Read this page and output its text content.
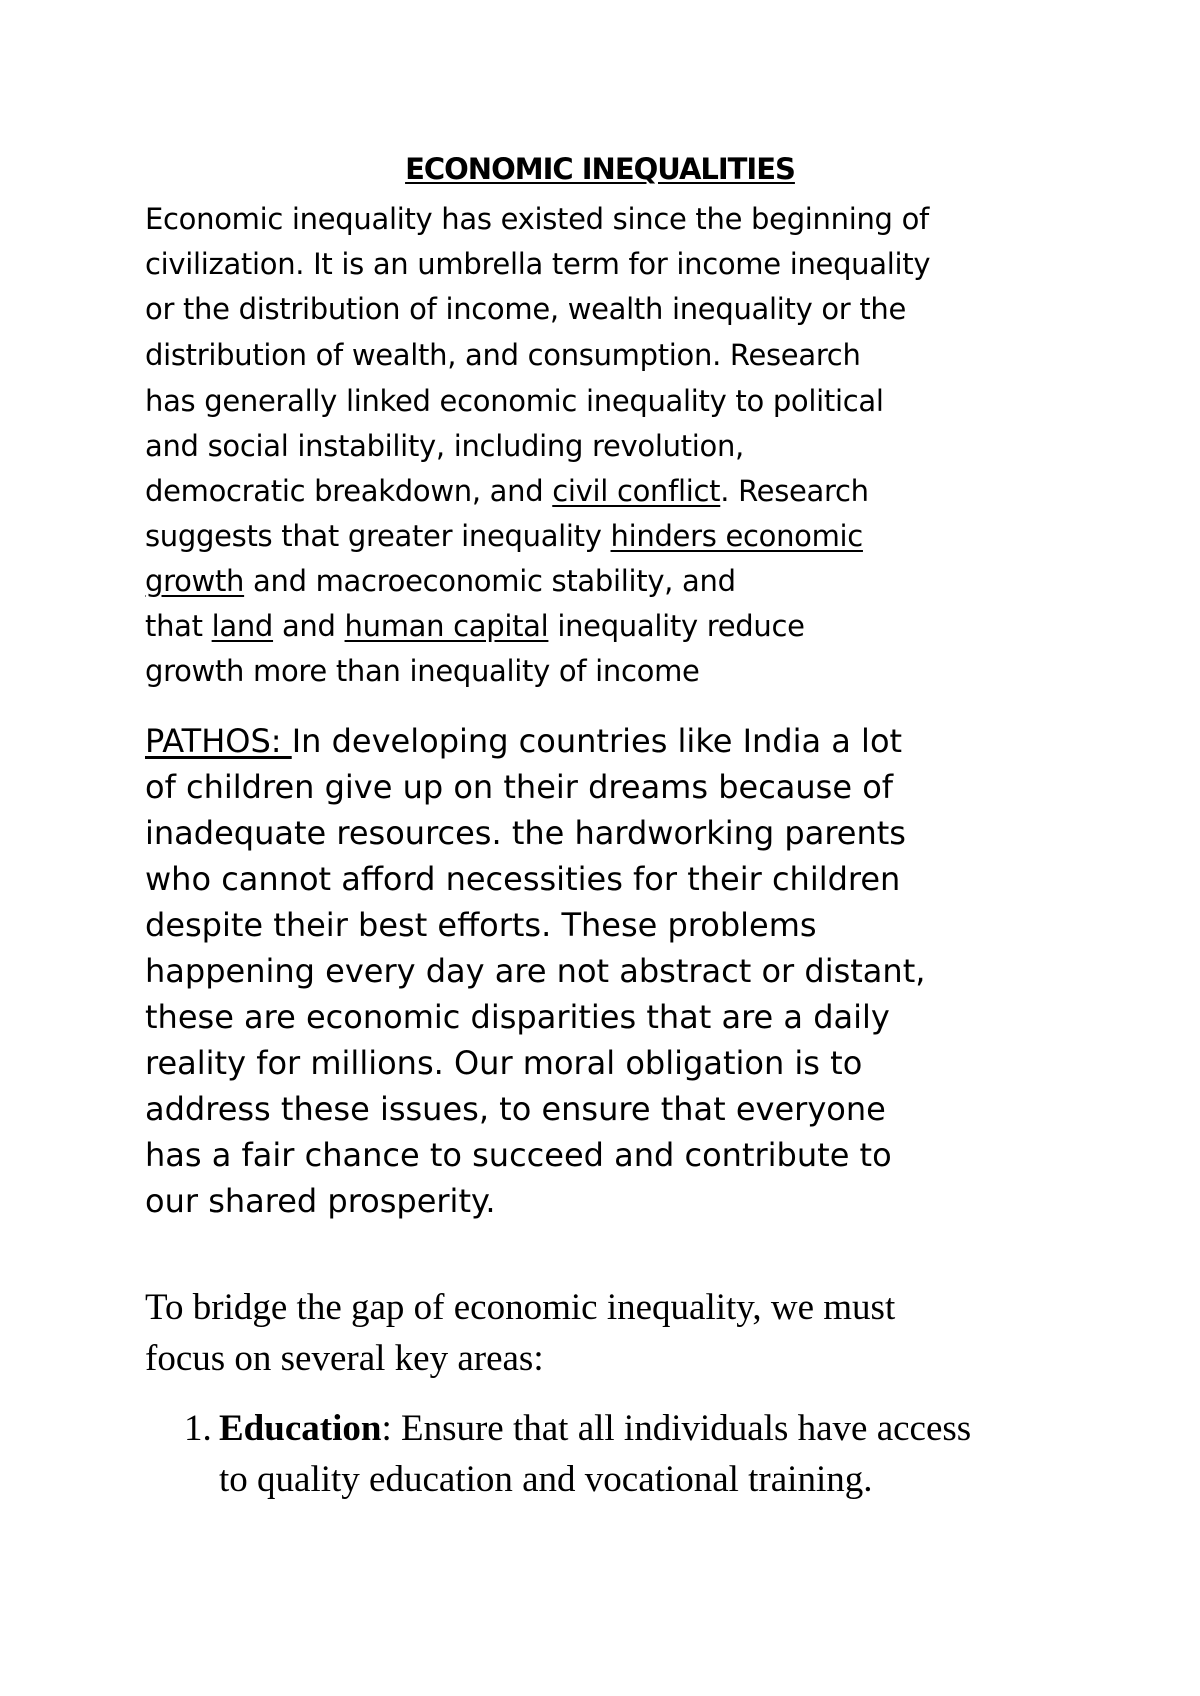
ECONOMIC INEQUALITIES
Economic inequality has existed since the beginning of
civilization. It is an umbrella term for income inequality
or the distribution of income, wealth inequality or the
distribution of wealth, and consumption. Research
has generally linked economic inequality to political
and social instability, including revolution,
democratic breakdown, and civil conflict. Research
suggests that greater inequality hinders economic
growth and macroeconomic stability, and
that land and human capital inequality reduce
growth more than inequality of income
PATHOS: In developing countries like India a lot
of children give up on their dreams because of
inadequate resources. the hardworking parents
who cannot afford necessities for their children
despite their best efforts. These problems
happening every day are not abstract or distant,
these are economic disparities that are a daily
reality for millions. Our moral obligation is to
address these issues, to ensure that everyone
has a fair chance to succeed and contribute to
our shared prosperity.
To bridge the gap of economic inequality, we must
focus on several key areas:
1. Education: Ensure that all individuals have access
to quality education and vocational training.
